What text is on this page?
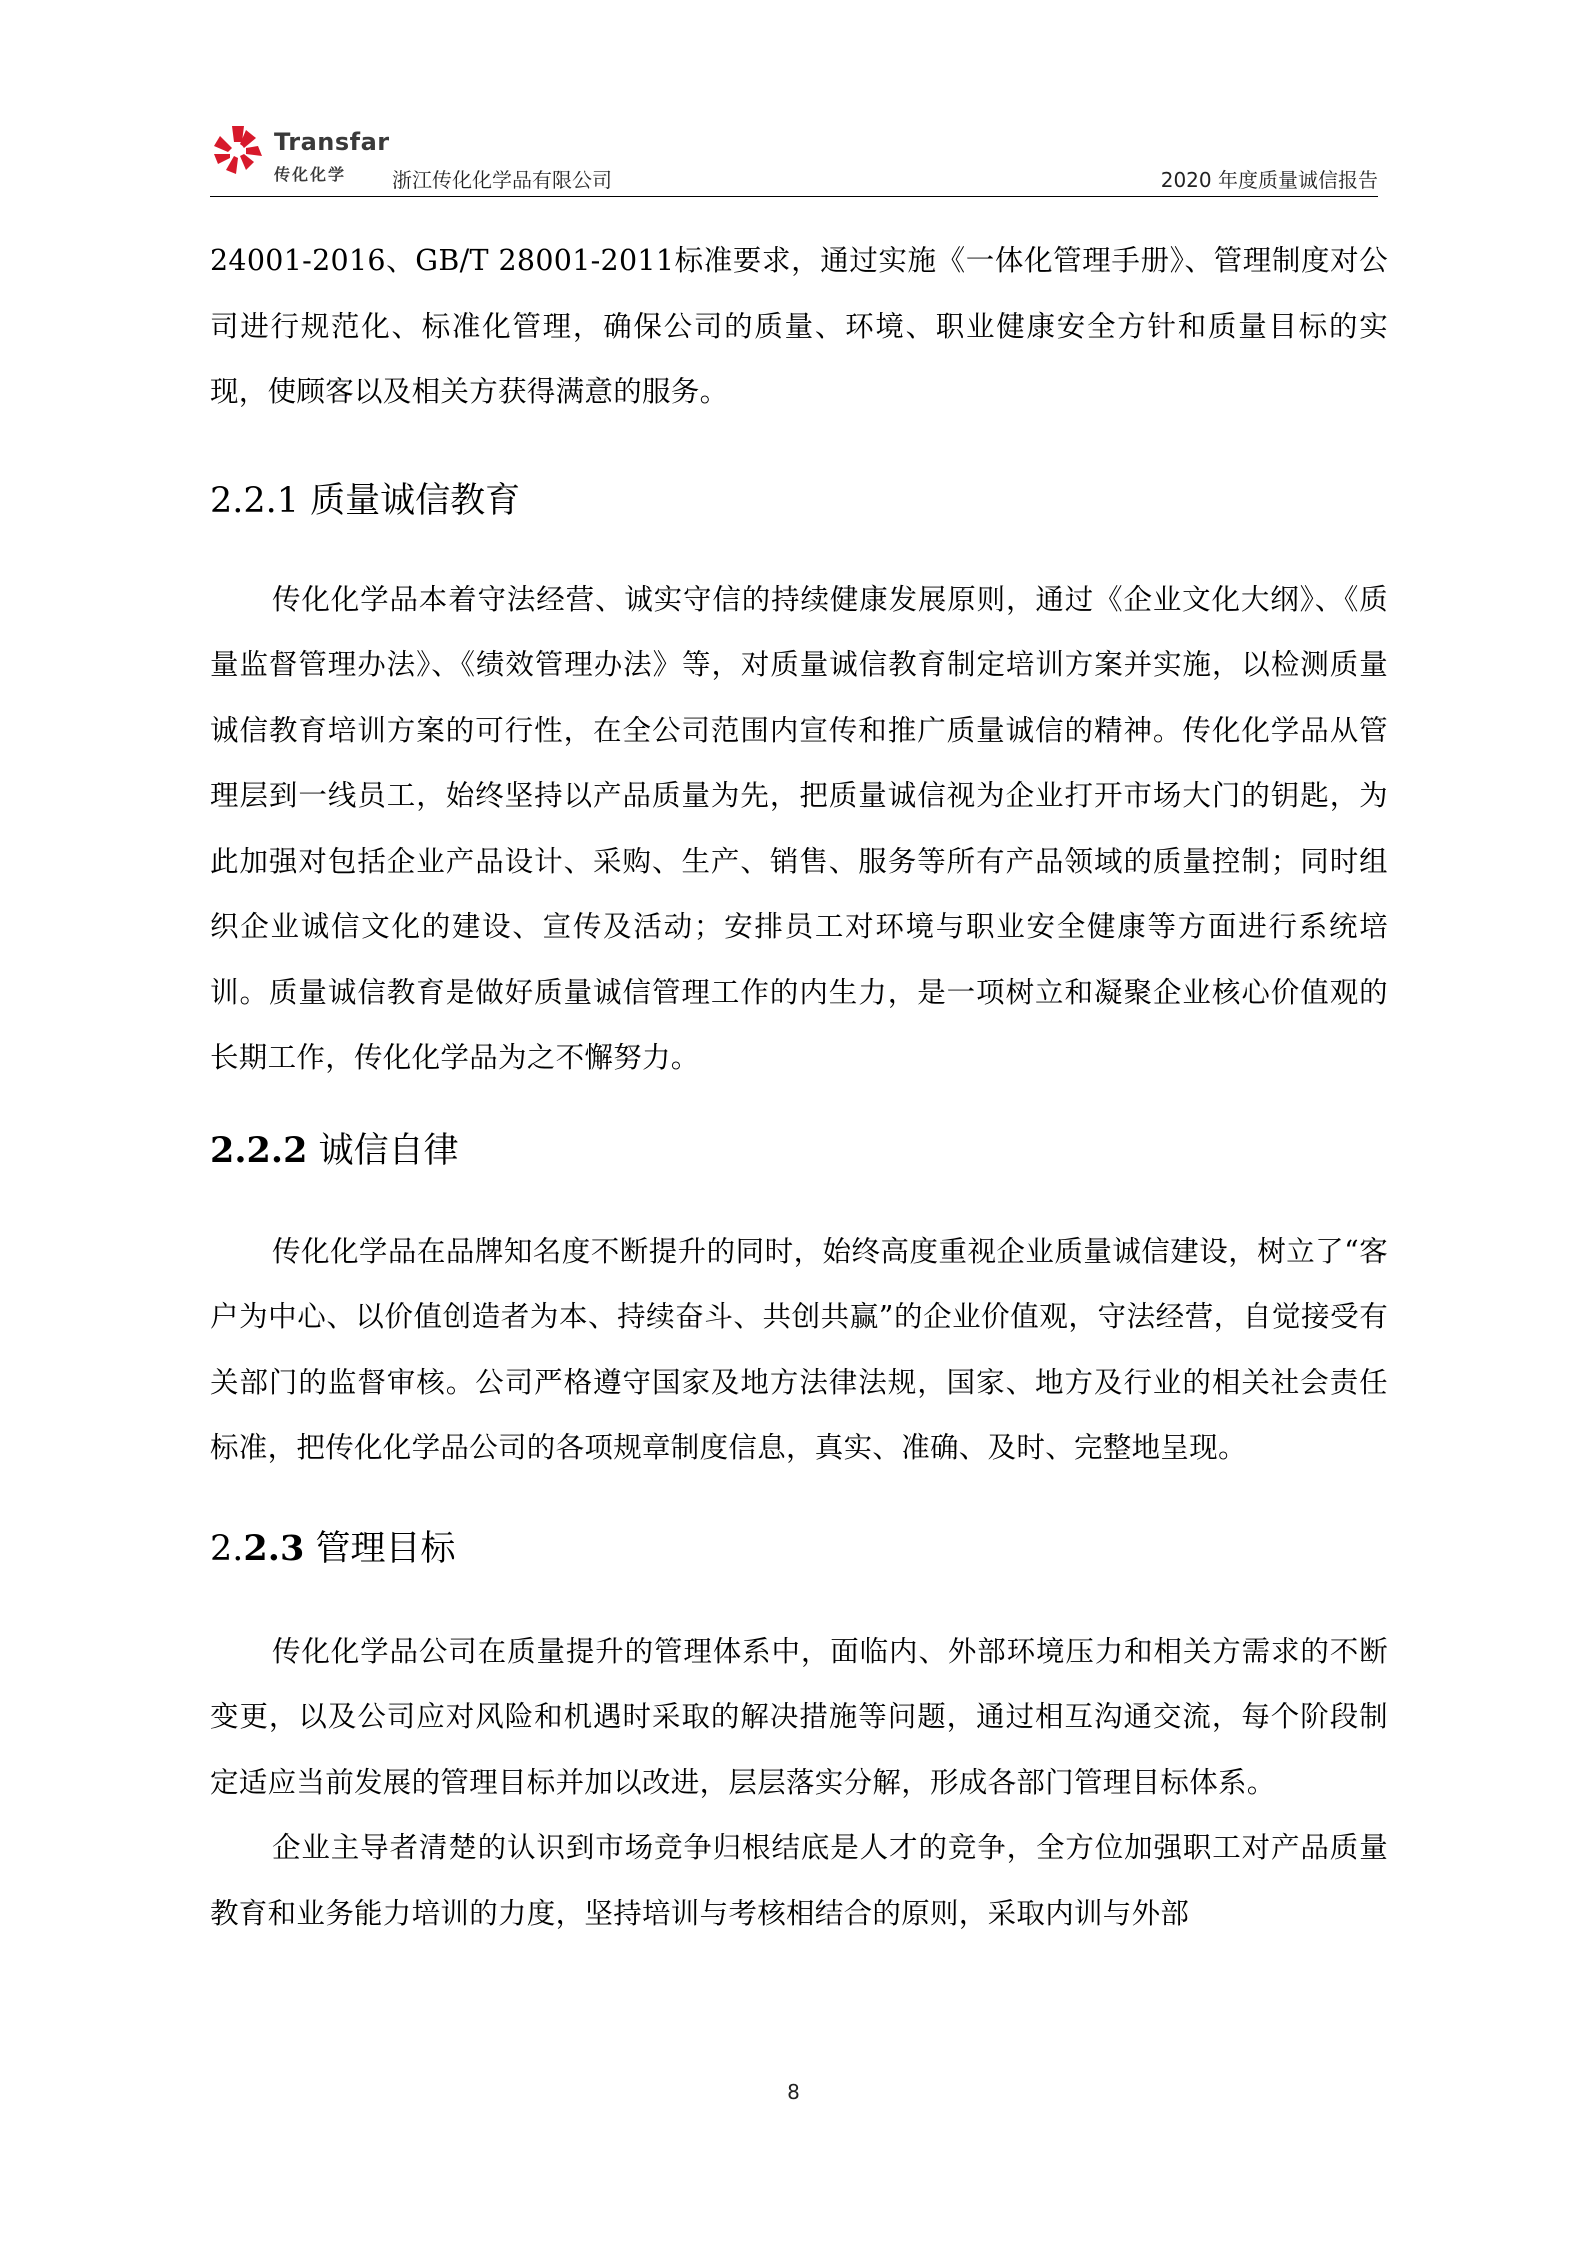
Transfar
传化化学 浙江传化化学品有限公司	2020 年度质量诚信报告

24001-2016、GB/T 28001-2011标准要求，通过实施《一体化管理手册》、管理制度对公司进行规范化、标准化管理，确保公司的质量、环境、职业健康安全方针和质量目标的实现，使顾客以及相关方获得满意的服务。

2.2.1 质量诚信教育

传化化学品本着守法经营、诚实守信的持续健康发展原则，通过《企业文化大纲》、《质量监督管理办法》、《绩效管理办法》等，对质量诚信教育制定培训方案并实施，以检测质量诚信教育培训方案的可行性，在全公司范围内宣传和推广质量诚信的精神。传化化学品从管理层到一线员工，始终坚持以产品质量为先，把质量诚信视为企业打开市场大门的钥匙，为此加强对包括企业产品设计、采购、生产、销售、服务等所有产品领域的质量控制；同时组织企业诚信文化的建设、宣传及活动；安排员工对环境与职业安全健康等方面进行系统培训。质量诚信教育是做好质量诚信管理工作的内生力，是一项树立和凝聚企业核心价值观的长期工作，传化化学品为之不懈努力。

2.2.2 诚信自律

传化化学品在品牌知名度不断提升的同时，始终高度重视企业质量诚信建设，树立了“客户为中心、以价值创造者为本、持续奋斗、共创共赢”的企业价值观，守法经营，自觉接受有关部门的监督审核。公司严格遵守国家及地方法律法规，国家、地方及行业的相关社会责任标准，把传化化学品公司的各项规章制度信息，真实、准确、及时、完整地呈现。

2.2.3 管理目标

传化化学品公司在质量提升的管理体系中，面临内、外部环境压力和相关方需求的不断变更，以及公司应对风险和机遇时采取的解决措施等问题，通过相互沟通交流，每个阶段制定适应当前发展的管理目标并加以改进，层层落实分解，形成各部门管理目标体系。

企业主导者清楚的认识到市场竞争归根结底是人才的竞争，全方位加强职工对产品质量教育和业务能力培训的力度，坚持培训与考核相结合的原则，采取内训与外部

8
